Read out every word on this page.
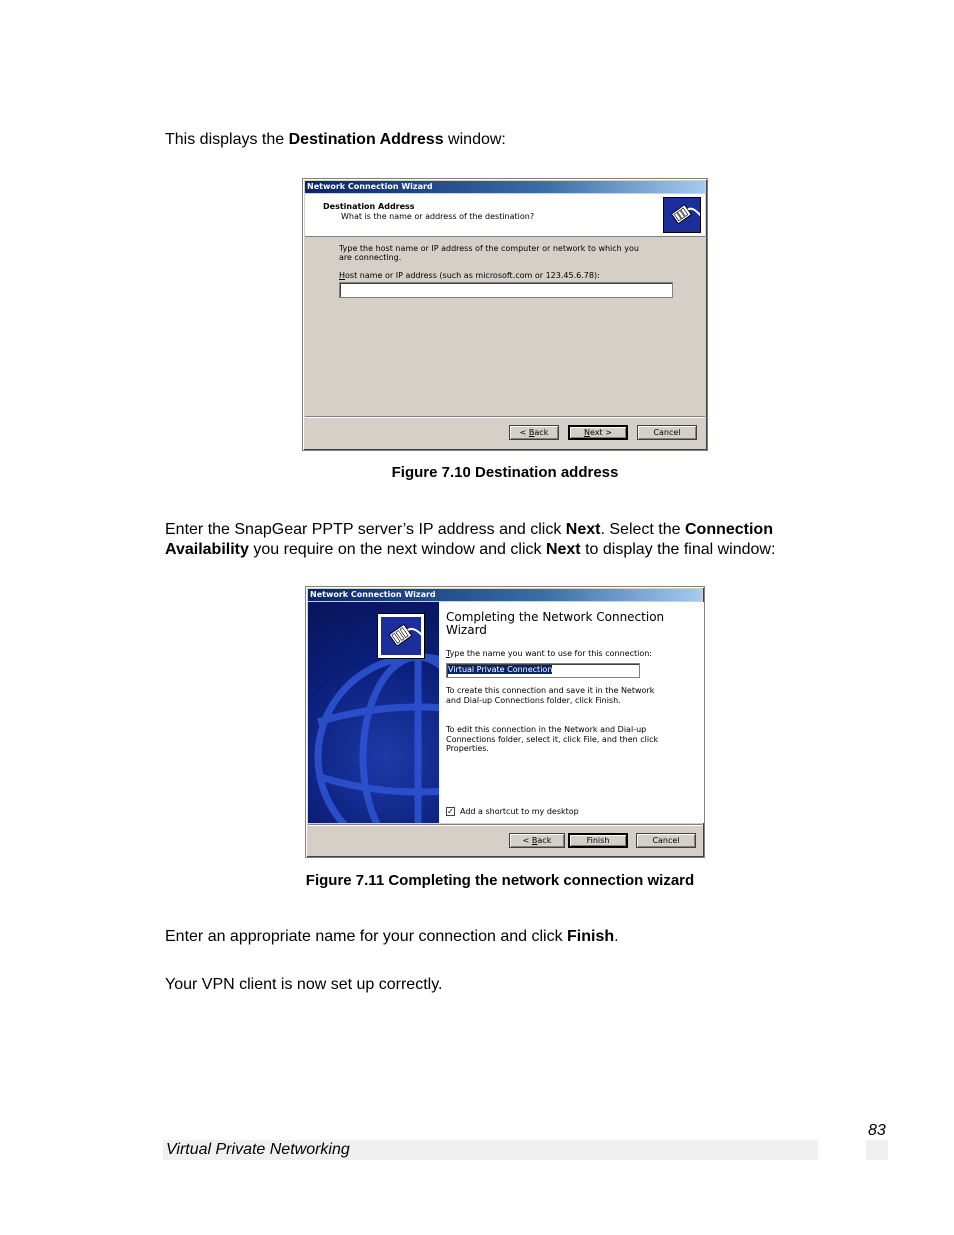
This displays the Destination Address window:
Network Connection Wizard
Destination Address
What is the name or address of the destination?
Type the host name or IP address of the computer or network to which you are connecting.
Host name or IP address (such as microsoft.com or 123.45.6.78):
< Back	Next >	Cancel
Figure 7.10 Destination address
Enter the SnapGear PPTP server’s IP address and click Next. Select the Connection Availability you require on the next window and click Next to display the final window:
Network Connection Wizard
Completing the Network Connection Wizard
Type the name you want to use for this connection:
Virtual Private Connection
To create this connection and save it in the Network and Dial-up Connections folder, click Finish.
To edit this connection in the Network and Dial-up Connections folder, select it, click File, and then click Properties.
✓ Add a shortcut to my desktop
< Back	Finish	Cancel
Figure 7.11 Completing the network connection wizard
Enter an appropriate name for your connection and click Finish.
Your VPN client is now set up correctly.
83
Virtual Private Networking
